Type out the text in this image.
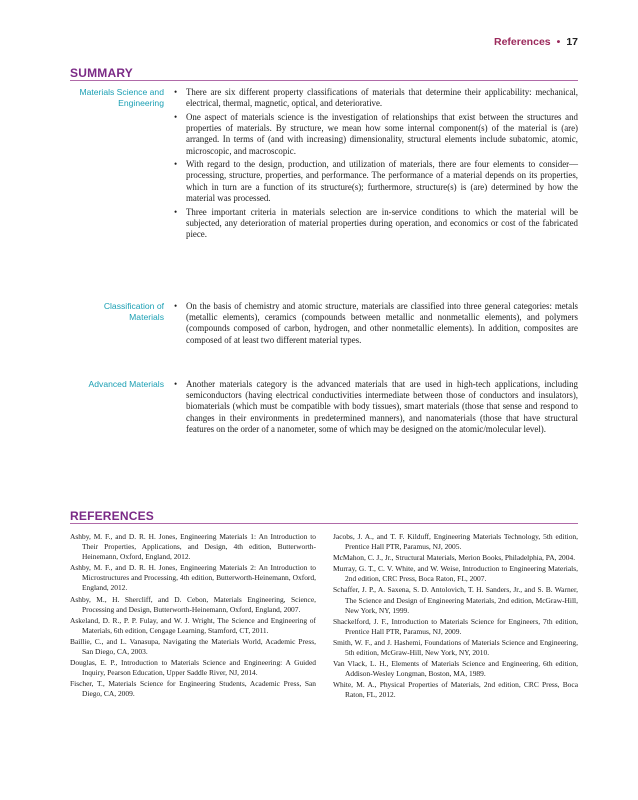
References • 17
SUMMARY
Materials Science and Engineering
• There are six different property classifications of materials that determine their applicability: mechanical, electrical, thermal, magnetic, optical, and deteriorative.
• One aspect of materials science is the investigation of relationships that exist between the structures and properties of materials. By structure, we mean how some internal component(s) of the material is (are) arranged. In terms of (and with increasing) dimensionality, structural elements include subatomic, atomic, microscopic, and macroscopic.
• With regard to the design, production, and utilization of materials, there are four elements to consider—processing, structure, properties, and performance. The performance of a material depends on its properties, which in turn are a function of its structure(s); furthermore, structure(s) is (are) determined by how the material was processed.
• Three important criteria in materials selection are in-service conditions to which the material will be subjected, any deterioration of material properties during operation, and economics or cost of the fabricated piece.
Classification of Materials
• On the basis of chemistry and atomic structure, materials are classified into three general categories: metals (metallic elements), ceramics (compounds between metallic and nonmetallic elements), and polymers (compounds composed of carbon, hydrogen, and other nonmetallic elements). In addition, composites are composed of at least two different material types.
Advanced Materials • Another materials category is the advanced materials that are used in high-tech applications, including semiconductors (having electrical conductivities intermediate between those of conductors and insulators), biomaterials (which must be compatible with body tissues), smart materials (those that sense and respond to changes in their environments in predetermined manners), and nanomaterials (those that have structural features on the order of a nanometer, some of which may be designed on the atomic/molecular level).
REFERENCES
Ashby, M. F., and D. R. H. Jones, Engineering Materials 1: An Introduction to Their Properties, Applications, and Design, 4th edition, Butterworth-Heinemann, Oxford, England, 2012.
Ashby, M. F., and D. R. H. Jones, Engineering Materials 2: An Introduction to Microstructures and Processing, 4th edition, Butterworth-Heinemann, Oxford, England, 2012.
Ashby, M., H. Shercliff, and D. Cebon, Materials Engineering, Science, Processing and Design, Butterworth-Heinemann, Oxford, England, 2007.
Askeland, D. R., P. P. Fulay, and W. J. Wright, The Science and Engineering of Materials, 6th edition, Cengage Learning, Stamford, CT, 2011.
Baillie, C., and L. Vanasupa, Navigating the Materials World, Academic Press, San Diego, CA, 2003.
Douglas, E. P., Introduction to Materials Science and Engineering: A Guided Inquiry, Pearson Education, Upper Saddle River, NJ, 2014.
Fischer, T., Materials Science for Engineering Students, Academic Press, San Diego, CA, 2009.
Jacobs, J. A., and T. F. Kilduff, Engineering Materials Technology, 5th edition, Prentice Hall PTR, Paramus, NJ, 2005.
McMahon, C. J., Jr., Structural Materials, Merion Books, Philadelphia, PA, 2004.
Murray, G. T., C. V. White, and W. Weise, Introduction to Engineering Materials, 2nd edition, CRC Press, Boca Raton, FL, 2007.
Schaffer, J. P., A. Saxena, S. D. Antolovich, T. H. Sanders, Jr., and S. B. Warner, The Science and Design of Engineering Materials, 2nd edition, McGraw-Hill, New York, NY, 1999.
Shackelford, J. F., Introduction to Materials Science for Engineers, 7th edition, Prentice Hall PTR, Paramus, NJ, 2009.
Smith, W. F., and J. Hashemi, Foundations of Materials Science and Engineering, 5th edition, McGraw-Hill, New York, NY, 2010.
Van Vlack, L. H., Elements of Materials Science and Engineering, 6th edition, Addison-Wesley Longman, Boston, MA, 1989.
White, M. A., Physical Properties of Materials, 2nd edition, CRC Press, Boca Raton, FL, 2012.
